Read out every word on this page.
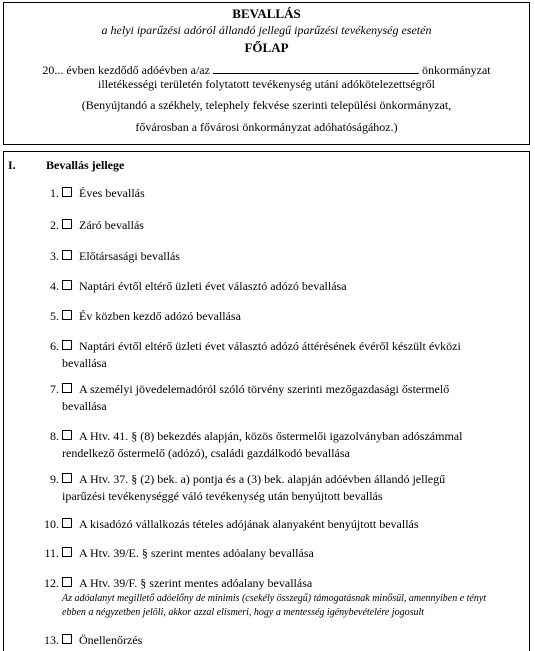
BEVALLÁS
a helyi iparűzési adóról állandó jellegű iparűzési tevékenység esetén
FŐLAP
20... évben kezdődő adóévben a/az	önkormányzat
illetékességi területén folytatott tevékenység utáni adókötelezettségről
(Benyújtandó a székhely, telephely fekvése szerinti települési önkormányzat,
fővárosban a fővárosi önkormányzat adóhatóságához.)
I.	Bevallás jellege
1. Éves bevallás
2. Záró bevallás
3. Előtársasági bevallás
4. Naptári évtől eltérő üzleti évet választó adózó bevallása
5. Év közben kezdő adózó bevallása
6. Naptári évtől eltérő üzleti évet választó adózó áttérésének évéről készült évközi
bevallása
7. A személyi jövedelemadóról szóló törvény szerinti mezőgazdasági őstermelő
bevallása
8. A Htv. 41. § (8) bekezdés alapján, közös őstermelői igazolványban adószámmal
rendelkező őstermelő (adózó), családi gazdálkodó bevallása
9. A Htv. 37. § (2) bek. a) pontja és a (3) bek. alapján adóévben állandó jellegű
iparűzési tevékenységgé váló tevékenység után benyújtott bevallás
10. A kisadózó vállalkozás tételes adójának alanyaként benyújtott bevallás
11. A Htv. 39/E. § szerint mentes adóalany bevallása
12. A Htv. 39/F. § szerint mentes adóalany bevallása
Az adóalanyt megillető adóelőny de minimis (csekély összegű) támogatásnak minősül, amennyiben e tényt
ebben a négyzetben jelöli, akkor azzal elismeri, hogy a mentesség igénybevételére jogosult
13. Önellenőrzés
